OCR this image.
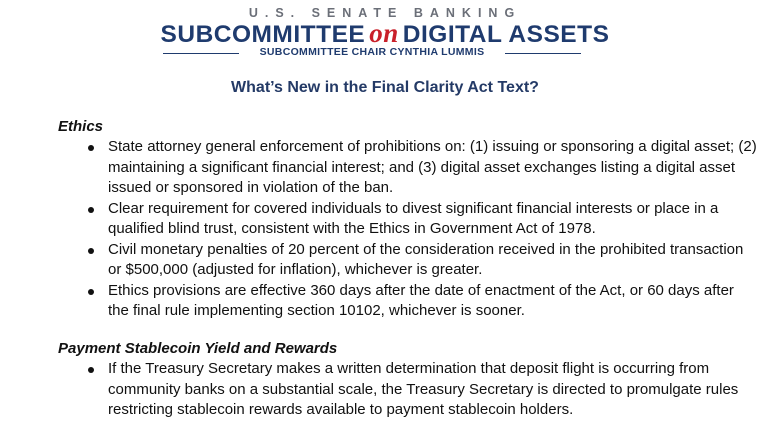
U.S. SENATE BANKING
SUBCOMMITTEE on DIGITAL ASSETS
SUBCOMMITTEE CHAIR CYNTHIA LUMMIS
What’s New in the Final Clarity Act Text?
Ethics
State attorney general enforcement of prohibitions on: (1) issuing or sponsoring a digital asset; (2) maintaining a significant financial interest; and (3) digital asset exchanges listing a digital asset issued or sponsored in violation of the ban.
Clear requirement for covered individuals to divest significant financial interests or place in a qualified blind trust, consistent with the Ethics in Government Act of 1978.
Civil monetary penalties of 20 percent of the consideration received in the prohibited transaction or $500,000 (adjusted for inflation), whichever is greater.
Ethics provisions are effective 360 days after the date of enactment of the Act, or 60 days after the final rule implementing section 10102, whichever is sooner.
Payment Stablecoin Yield and Rewards
If the Treasury Secretary makes a written determination that deposit flight is occurring from community banks on a substantial scale, the Treasury Secretary is directed to promulgate rules restricting stablecoin rewards available to payment stablecoin holders.
